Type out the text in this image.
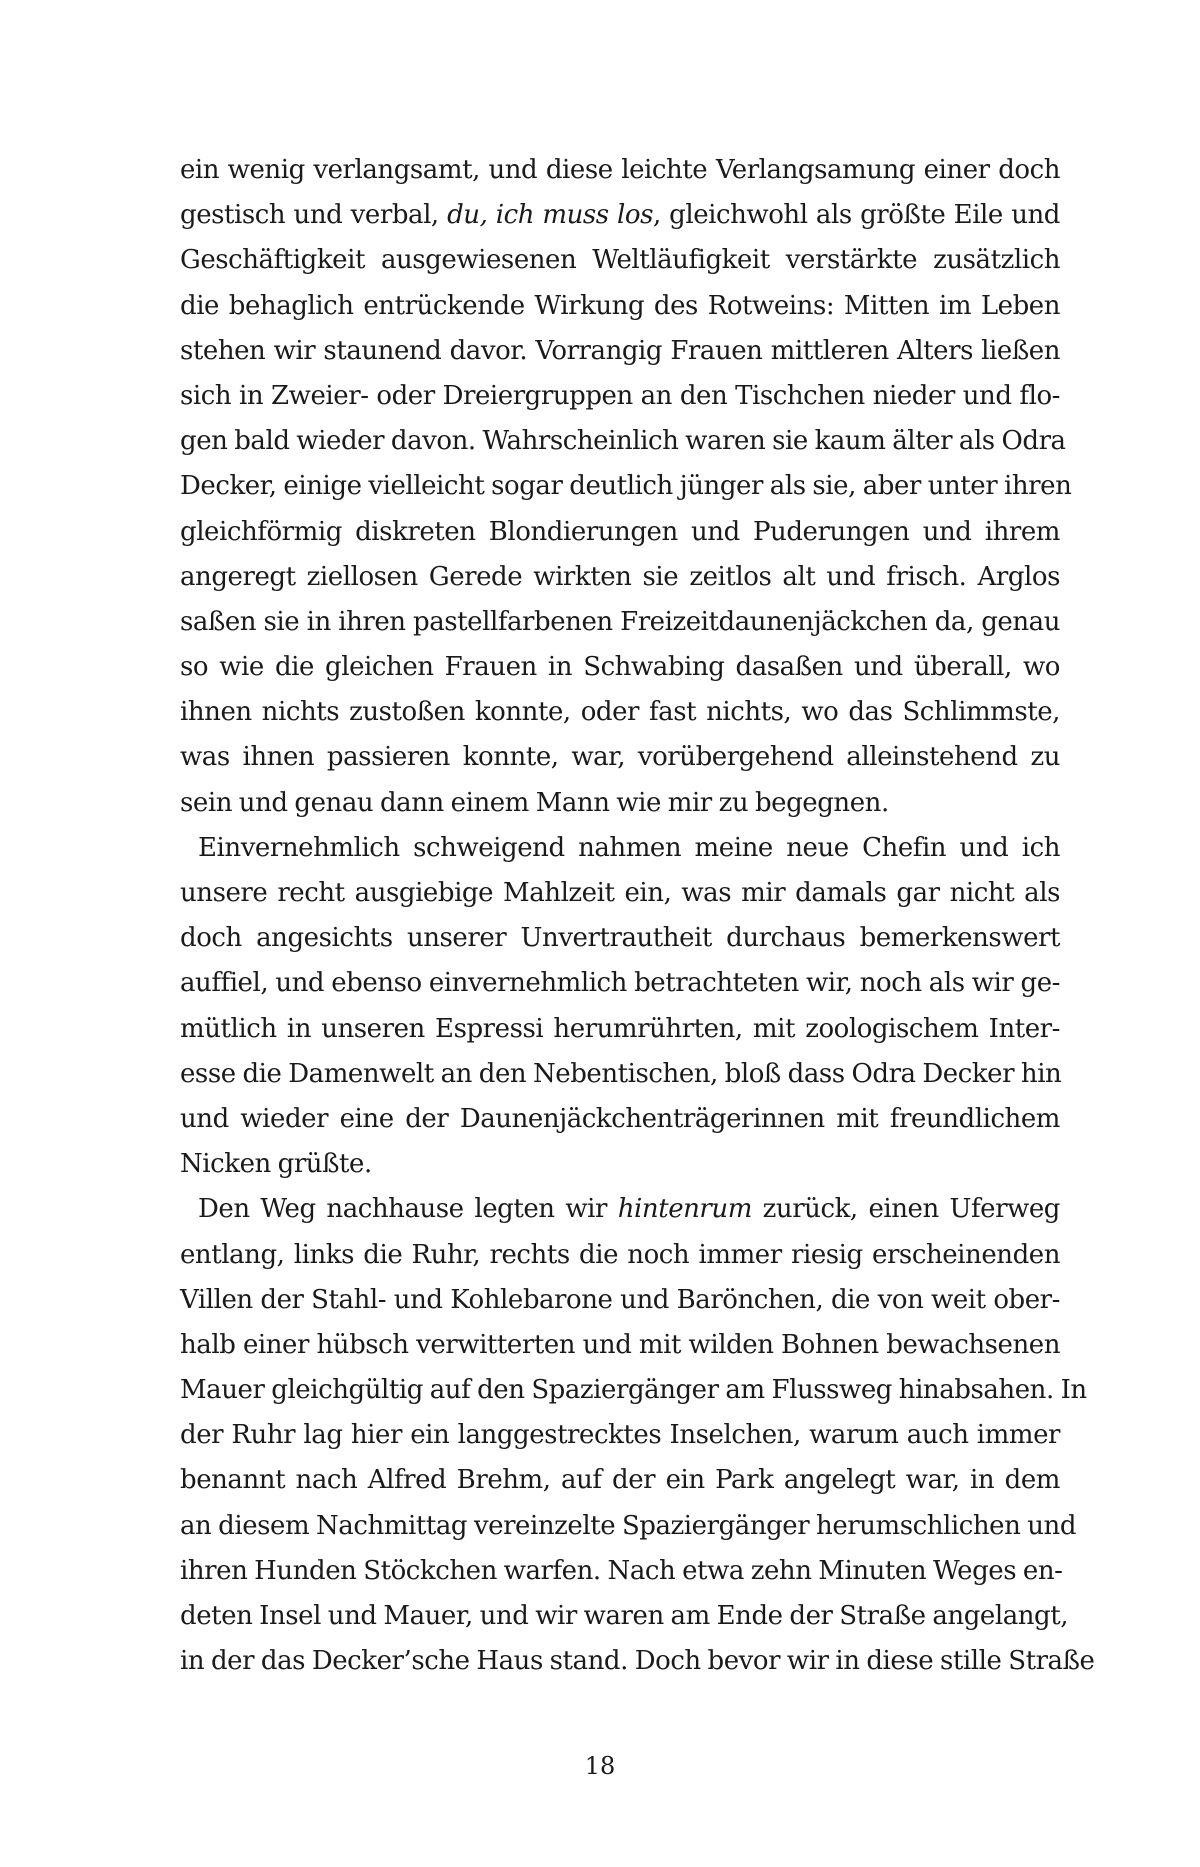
ein wenig verlangsamt, und diese leichte Verlangsamung einer doch
gestisch und verbal, du, ich muss los, gleichwohl als größte Eile und
Geschäftigkeit ausgewiesenen Weltläufigkeit verstärkte zusätzlich
die behaglich entrückende Wirkung des Rotweins: Mitten im Leben
stehen wir staunend davor. Vorrangig Frauen mittleren Alters ließen
sich in Zweier- oder Dreiergruppen an den Tischchen nieder und flo-
gen bald wieder davon. Wahrscheinlich waren sie kaum älter als Odra
Decker, einige vielleicht sogar deutlich jünger als sie, aber unter ihren
gleichförmig diskreten Blondierungen und Puderungen und ihrem
angeregt ziellosen Gerede wirkten sie zeitlos alt und frisch. Arglos
saßen sie in ihren pastellfarbenen Freizeitdaunenjäckchen da, genau
so wie die gleichen Frauen in Schwabing dasaßen und überall, wo
ihnen nichts zustoßen konnte, oder fast nichts, wo das Schlimmste,
was ihnen passieren konnte, war, vorübergehend alleinstehend zu
sein und genau dann einem Mann wie mir zu begegnen.
Einvernehmlich schweigend nahmen meine neue Chefin und ich
unsere recht ausgiebige Mahlzeit ein, was mir damals gar nicht als
doch angesichts unserer Unvertrautheit durchaus bemerkenswert
auffiel, und ebenso einvernehmlich betrachteten wir, noch als wir ge-
mütlich in unseren Espressi herumrührten, mit zoologischem Inter-
esse die Damenwelt an den Nebentischen, bloß dass Odra Decker hin
und wieder eine der Daunenjäckchenträgerinnen mit freundlichem
Nicken grüßte.
Den Weg nachhause legten wir hintenrum zurück, einen Uferweg
entlang, links die Ruhr, rechts die noch immer riesig erscheinenden
Villen der Stahl- und Kohlebarone und Barönchen, die von weit ober-
halb einer hübsch verwitterten und mit wilden Bohnen bewachsenen
Mauer gleichgültig auf den Spaziergänger am Flussweg hinabsahen. In
der Ruhr lag hier ein langgestrecktes Inselchen, warum auch immer
benannt nach Alfred Brehm, auf der ein Park angelegt war, in dem
an diesem Nachmittag vereinzelte Spaziergänger herumschlichen und
ihren Hunden Stöckchen warfen. Nach etwa zehn Minuten Weges en-
deten Insel und Mauer, und wir waren am Ende der Straße angelangt,
in der das Decker’sche Haus stand. Doch bevor wir in diese stille Straße
18
